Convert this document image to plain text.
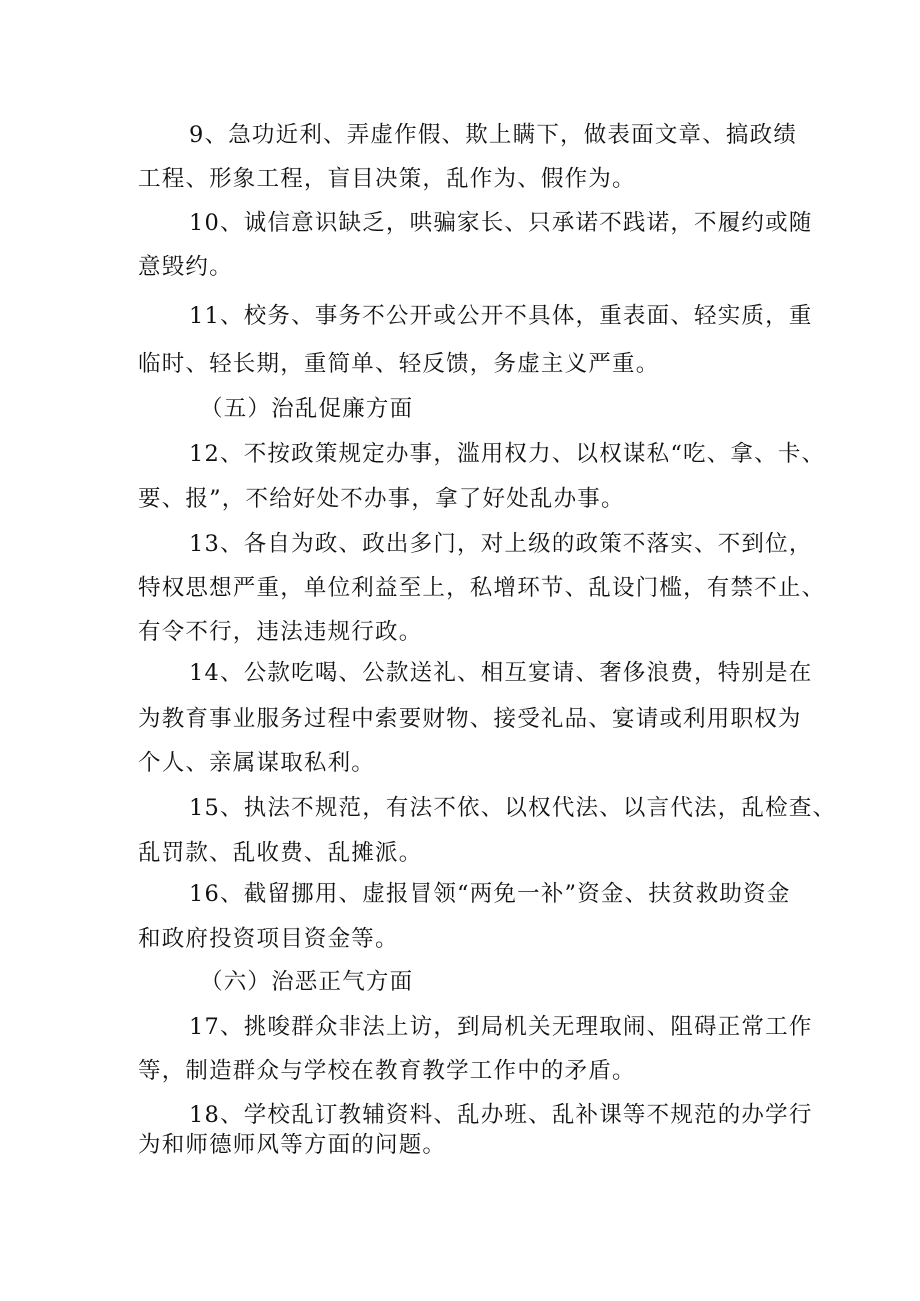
9、急功近利、弄虚作假、欺上瞒下，做表面文章、搞政绩
工程、形象工程，盲目决策，乱作为、假作为。
10、诚信意识缺乏，哄骗家长、只承诺不践诺，不履约或随
意毁约。
11、校务、事务不公开或公开不具体，重表面、轻实质，重
临时、轻长期，重简单、轻反馈，务虚主义严重。
（五）治乱促廉方面
12、不按政策规定办事，滥用权力、以权谋私“吃、拿、卡、
要、报”，不给好处不办事，拿了好处乱办事。
13、各自为政、政出多门，对上级的政策不落实、不到位，
特权思想严重，单位利益至上，私增环节、乱设门槛，有禁不止、
有令不行，违法违规行政。
14、公款吃喝、公款送礼、相互宴请、奢侈浪费，特别是在
为教育事业服务过程中索要财物、接受礼品、宴请或利用职权为
个人、亲属谋取私利。
15、执法不规范，有法不依、以权代法、以言代法，乱检查、
乱罚款、乱收费、乱摊派。
16、截留挪用、虚报冒领“两免一补”资金、扶贫救助资金
和政府投资项目资金等。
（六）治恶正气方面
17、挑唆群众非法上访，到局机关无理取闹、阻碍正常工作
等，制造群众与学校在教育教学工作中的矛盾。
18、学校乱订教辅资料、乱办班、乱补课等不规范的办学行
为和师德师风等方面的问题。
